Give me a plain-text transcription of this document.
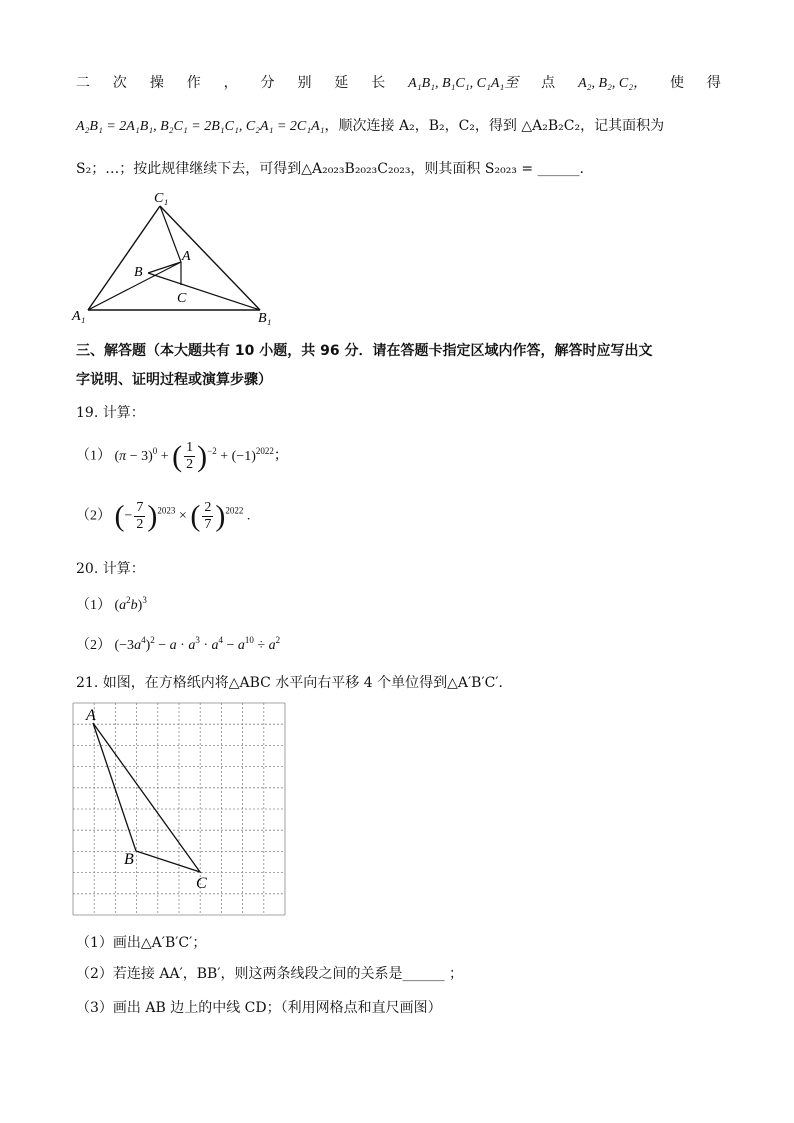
二 次 操 作 ， 分 别 延 长 A₁B₁, B₁C₁, C₁A₁至 点 A₂, B₂, C₂， 使 得
A₂B₁ = 2A₁B₁, B₂C₁ = 2B₁C₁, C₂A₁ = 2C₁A₁，顺次连接 A₂，B₂，C₂，得到 △A₂B₂C₂，记其面积为
S₂；…；按此规律继续下去，可得到△A₂₀₂₃B₂₀₂₃C₂₀₂₃，则其面积 S₂₀₂₃ = ______.
C₁
A
B
C
A₁	B₁
三、解答题（本大题共有 10 小题，共 96 分．请在答题卡指定区域内作答，解答时应写出文
字说明、证明过程或演算步骤）
19. 计算：
（1） $(\pi - 3)^0$ + ( $\frac{1}{2} )^{-2} + (-1)^{2022}$；
（2） (− $\frac{7}{2} )^{2023}$ × ( $\frac{2}{7} )^{2022}$ .
20. 计算：
（1） $(a^2b)^3$
（2） $(-3a^4)^2 - a \cdot a^3 \cdot a^4 - a^{10} \div a^2$
21. 如图，在方格纸内将△ABC 水平向右平移 4 个单位得到△A′B′C′．
A
B
C
（1）画出△A′B′C′；
（2）若连接 AA′，BB′，则这两条线段之间的关系是______ ；
（3）画出 AB 边上的中线 CD；（利用网格点和直尺画图）
